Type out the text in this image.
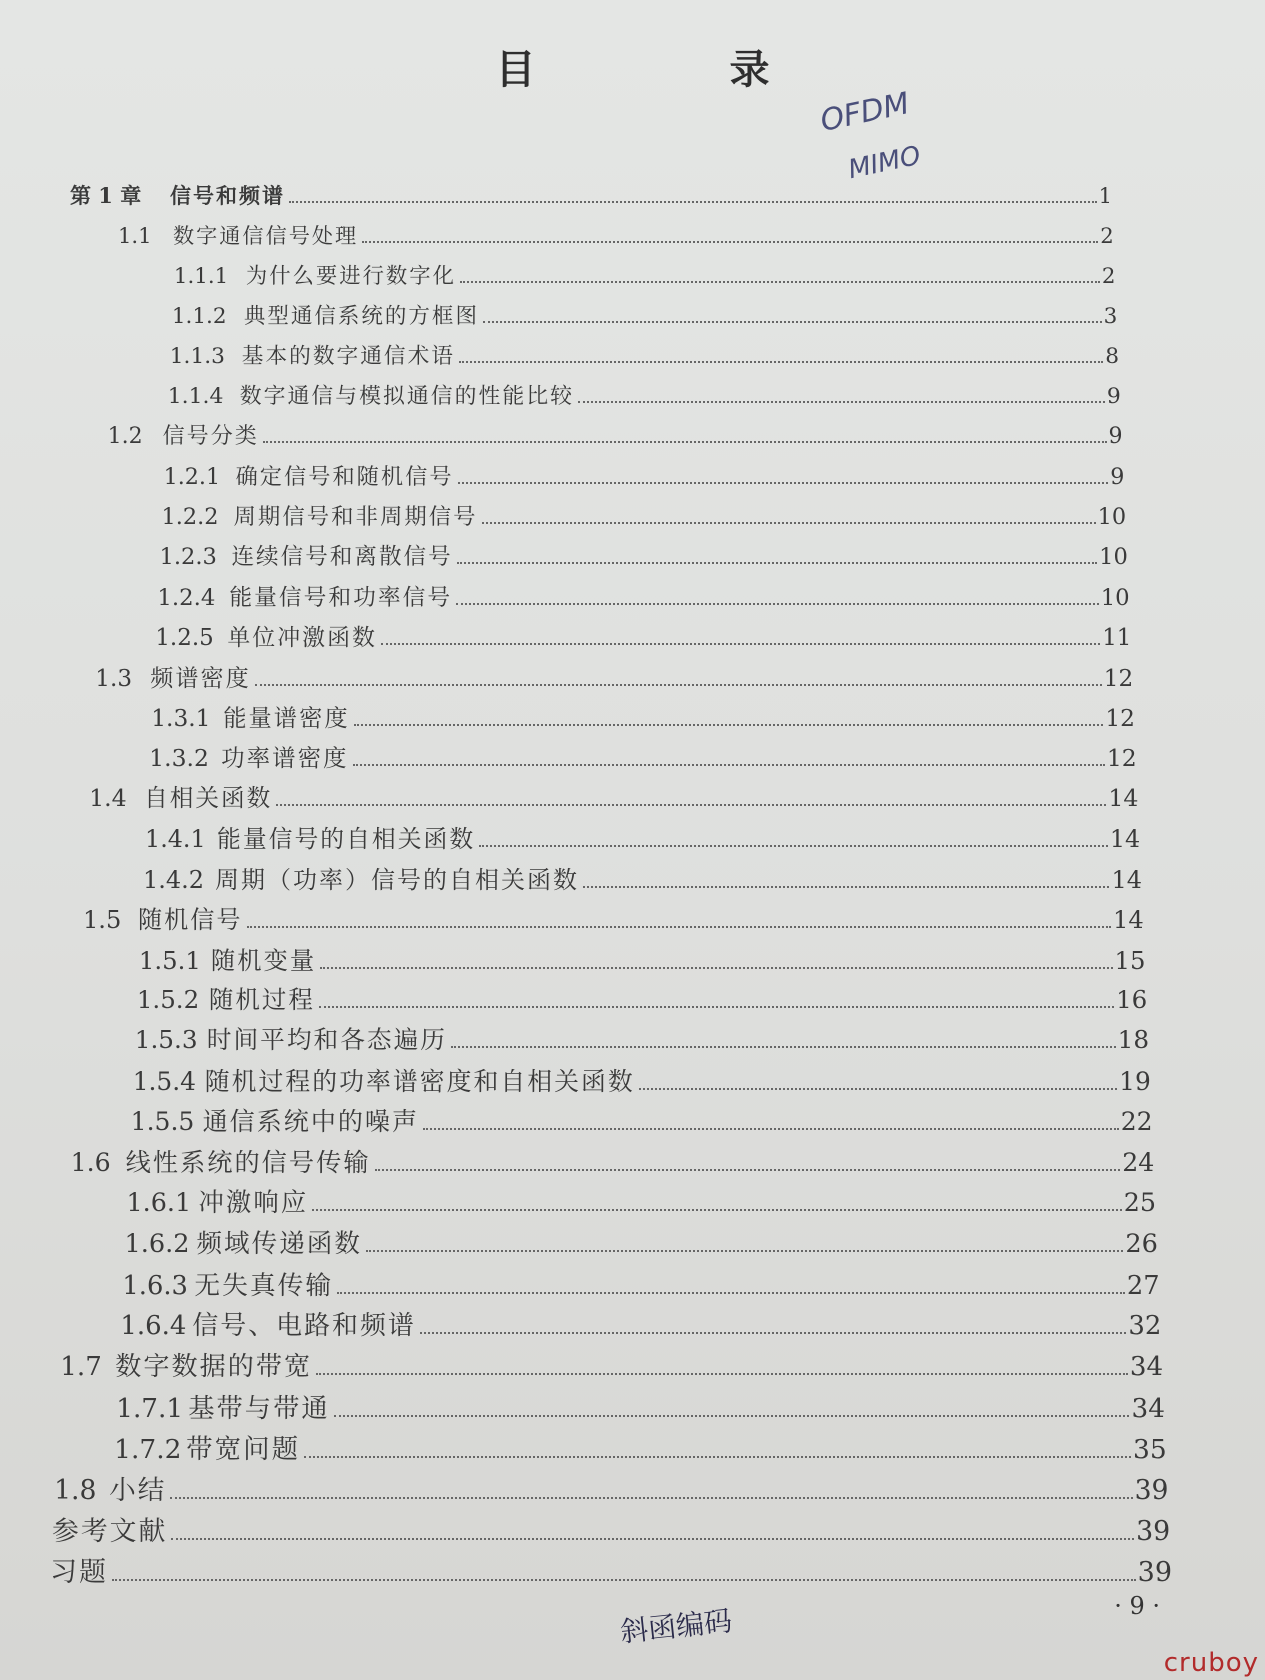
目 录
OFDM
MIMO
第 1 章	信号和频谱	1
1.1	数字通信信号处理	2
1.1.1 为什么要进行数字化	2
1.1.2 典型通信系统的方框图	3
1.1.3 基本的数字通信术语	8
1.1.4 数字通信与模拟通信的性能比较	9
1.2 信号分类	9
1.2.1 确定信号和随机信号	9
1.2.2 周期信号和非周期信号	10
1.2.3 连续信号和离散信号	10
1.2.4 能量信号和功率信号	10
1.2.5 单位冲激函数	11
1.3 频谱密度	12
1.3.1 能量谱密度	12
1.3.2 功率谱密度	12
1.4 自相关函数	14
1.4.1 能量信号的自相关函数	14
1.4.2 周期（功率）信号的自相关函数	14
1.5 随机信号	14
1.5.1 随机变量	15
1.5.2 随机过程	16
1.5.3 时间平均和各态遍历	18
1.5.4 随机过程的功率谱密度和自相关函数	19
1.5.5 通信系统中的噪声	22
1.6 线性系统的信号传输	24
1.6.1 冲激响应	25
1.6.2 频域传递函数	26
1.6.3 无失真传输	27
1.6.4 信号、电路和频谱	32
1.7 数字数据的带宽	34
1.7.1 基带与带通	34
1.7.2 带宽问题	35
1.8 小结	39
参考文献	39
习题	39
· 9 ·
斜函编码
cruboy
